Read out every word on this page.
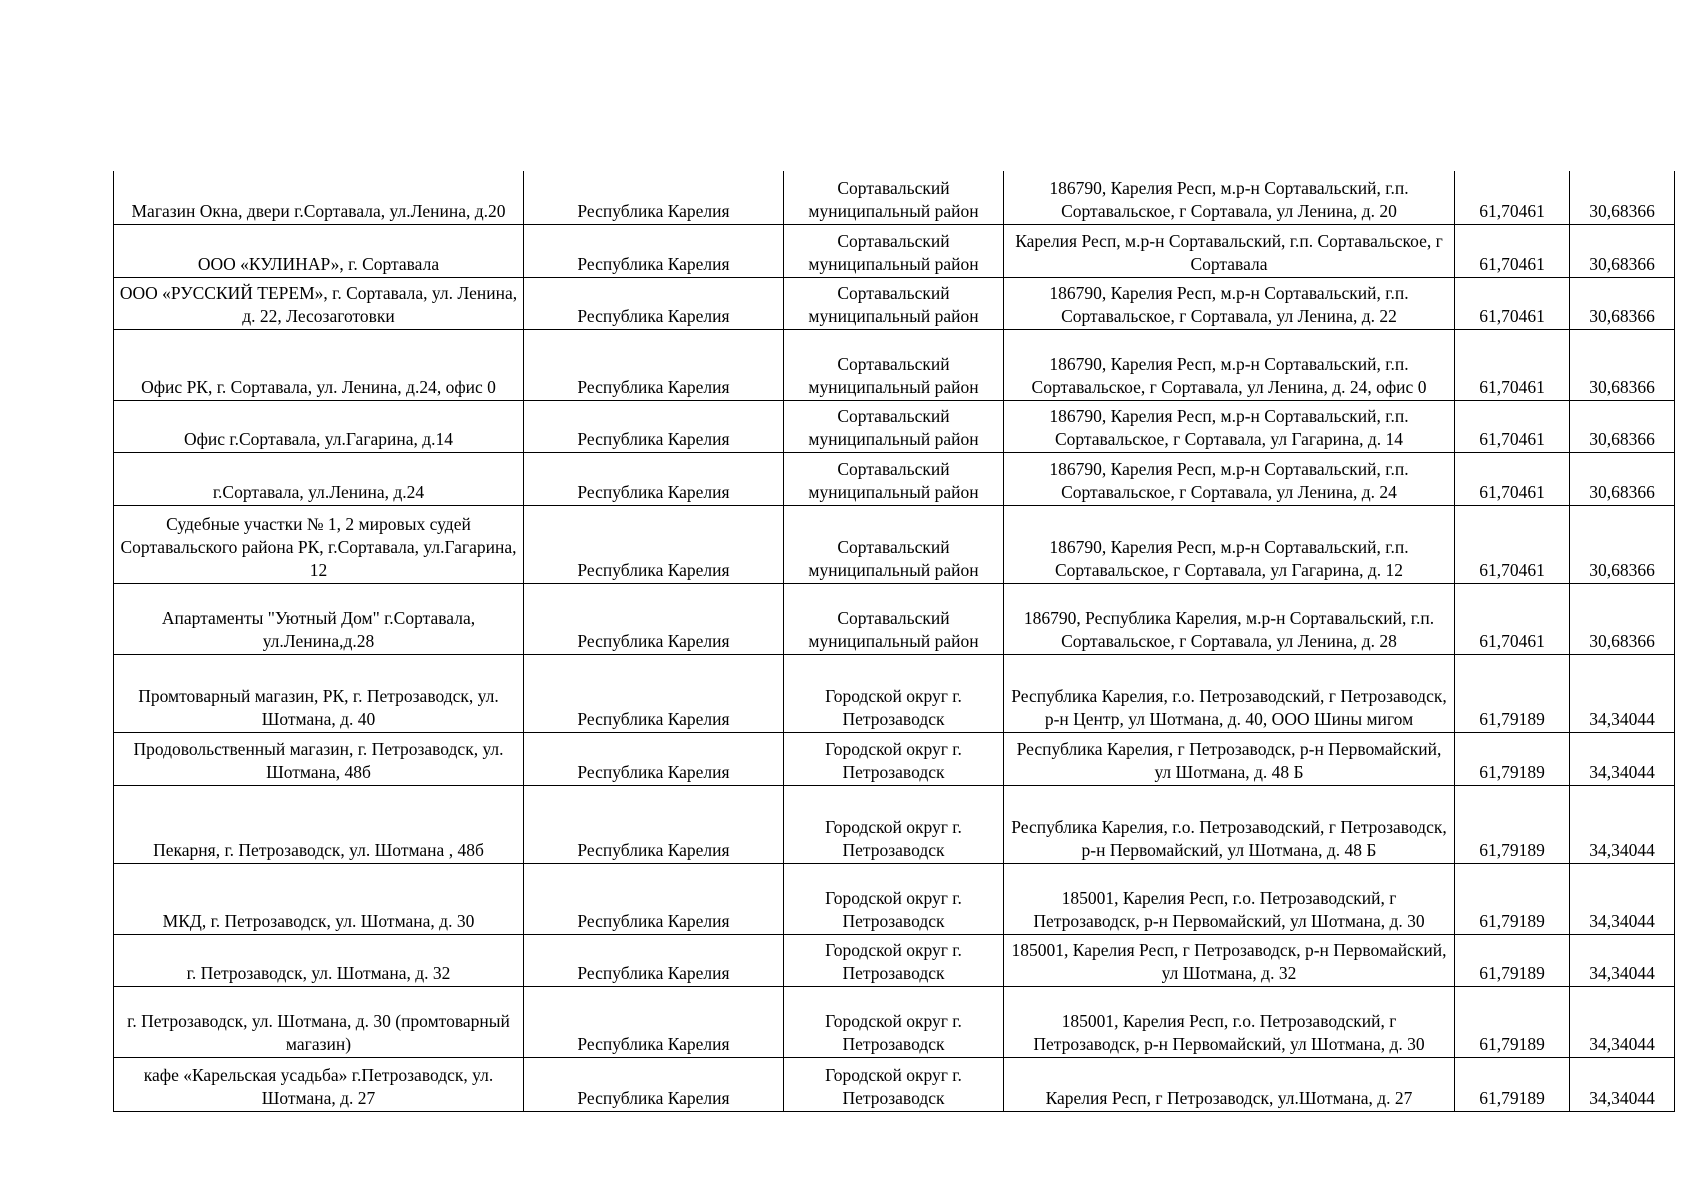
Магазин Окна, двери г.Сортавала, ул.Ленина, д.20	Республика Карелия	Сортавальский муниципальный район	186790, Карелия Респ, м.р-н Сортавальский, г.п. Сортавальское, г Сортавала, ул Ленина, д. 20	61,70461	30,68366
ООО «КУЛИНАР», г. Сортавала	Республика Карелия	Сортавальский муниципальный район	Карелия Респ, м.р-н Сортавальский, г.п. Сортавальское, г Сортавала	61,70461	30,68366
ООО «РУССКИЙ ТЕРЕМ», г. Сортавала, ул. Ленина, д. 22, Лесозаготовки	Республика Карелия	Сортавальский муниципальный район	186790, Карелия Респ, м.р-н Сортавальский, г.п. Сортавальское, г Сортавала, ул Ленина, д. 22	61,70461	30,68366
Офис РК, г. Сортавала, ул. Ленина, д.24, офис 0	Республика Карелия	Сортавальский муниципальный район	186790, Карелия Респ, м.р-н Сортавальский, г.п. Сортавальское, г Сортавала, ул Ленина, д. 24, офис 0	61,70461	30,68366
Офис г.Сортавала, ул.Гагарина, д.14	Республика Карелия	Сортавальский муниципальный район	186790, Карелия Респ, м.р-н Сортавальский, г.п. Сортавальское, г Сортавала, ул Гагарина, д. 14	61,70461	30,68366
г.Сортавала, ул.Ленина, д.24	Республика Карелия	Сортавальский муниципальный район	186790, Карелия Респ, м.р-н Сортавальский, г.п. Сортавальское, г Сортавала, ул Ленина, д. 24	61,70461	30,68366
Судебные участки № 1, 2 мировых судей Сортавальского района РК, г.Сортавала, ул.Гагарина, 12	Республика Карелия	Сортавальский муниципальный район	186790, Карелия Респ, м.р-н Сортавальский, г.п. Сортавальское, г Сортавала, ул Гагарина, д. 12	61,70461	30,68366
Апартаменты "Уютный Дом" г.Сортавала, ул.Ленина,д.28	Республика Карелия	Сортавальский муниципальный район	186790, Республика Карелия, м.р-н Сортавальский, г.п. Сортавальское, г Сортавала, ул Ленина, д. 28	61,70461	30,68366
Промтоварный магазин, РК, г. Петрозаводск, ул. Шотмана, д. 40	Республика Карелия	Городской округ г. Петрозаводск	Республика Карелия, г.о. Петрозаводский, г Петрозаводск, р-н Центр, ул Шотмана, д. 40, ООО Шины мигом	61,79189	34,34044
Продовольственный магазин, г. Петрозаводск, ул. Шотмана, 48б	Республика Карелия	Городской округ г. Петрозаводск	Республика Карелия, г Петрозаводск, р-н Первомайский, ул Шотмана, д. 48 Б	61,79189	34,34044
Пекарня, г. Петрозаводск, ул. Шотмана , 48б	Республика Карелия	Городской округ г. Петрозаводск	Республика Карелия, г.о. Петрозаводский, г Петрозаводск, р-н Первомайский, ул Шотмана, д. 48 Б	61,79189	34,34044
МКД, г. Петрозаводск, ул. Шотмана, д. 30	Республика Карелия	Городской округ г. Петрозаводск	185001, Карелия Респ, г.о. Петрозаводский, г Петрозаводск, р-н Первомайский, ул Шотмана, д. 30	61,79189	34,34044
г. Петрозаводск, ул. Шотмана, д. 32	Республика Карелия	Городской округ г. Петрозаводск	185001, Карелия Респ, г Петрозаводск, р-н Первомайский, ул Шотмана, д. 32	61,79189	34,34044
г. Петрозаводск, ул. Шотмана, д. 30 (промтоварный магазин)	Республика Карелия	Городской округ г. Петрозаводск	185001, Карелия Респ, г.о. Петрозаводский, г Петрозаводск, р-н Первомайский, ул Шотмана, д. 30	61,79189	34,34044
кафе «Карельская усадьба» г.Петрозаводск, ул. Шотмана, д. 27	Республика Карелия	Городской округ г. Петрозаводск	Карелия Респ, г Петрозаводск, ул.Шотмана, д. 27	61,79189	34,34044
